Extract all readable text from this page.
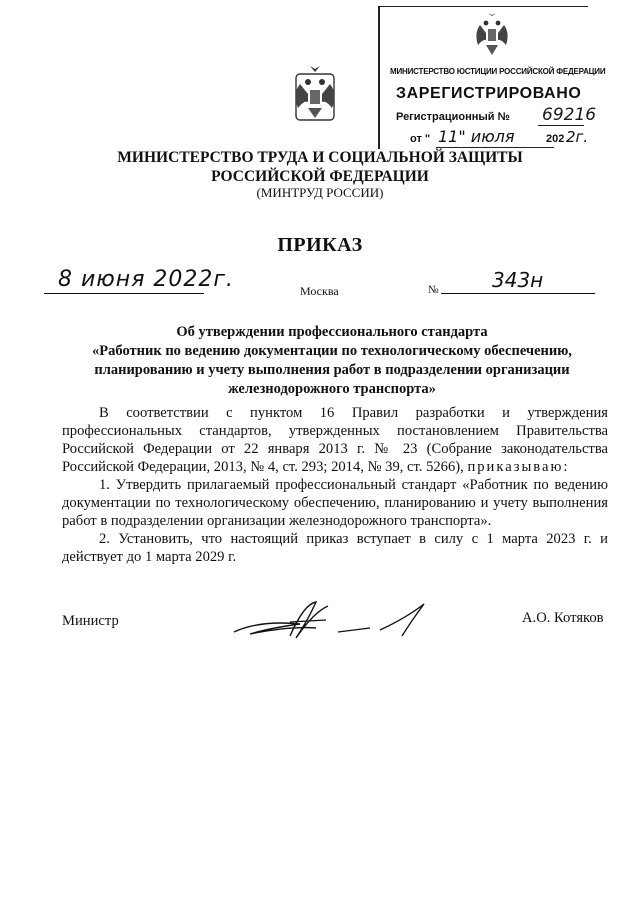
МИНИСТЕРСТВО ЮСТИЦИИ РОССИЙСКОЙ ФЕДЕРАЦИИ
ЗАРЕГИСТРИРОВАНО
Регистрационный № 69216
от " 11" июля	202 2г.
МИНИСТЕРСТВО ТРУДА И СОЦИАЛЬНОЙ ЗАЩИТЫ
РОССИЙСКОЙ ФЕДЕРАЦИИ
(МИНТРУД РОССИИ)
ПРИКАЗ
8 июня 2022г.	Москва	№	343н
Об утверждении профессионального стандарта
«Работник по ведению документации по технологическому обеспечению,
планированию и учету выполнения работ в подразделении организации
железнодорожного транспорта»

В соответствии с пунктом 16 Правил разработки и утверждения профессиональных стандартов, утвержденных постановлением Правительства Российской Федерации от 22 января 2013 г. № 23 (Собрание законодательства Российской Федерации, 2013, № 4, ст. 293; 2014, № 39, ст. 5266), приказываю:

1. Утвердить прилагаемый профессиональный стандарт «Работник по ведению документации по технологическому обеспечению, планированию и учету выполнения работ в подразделении организации железнодорожного транспорта».

2. Установить, что настоящий приказ вступает в силу с 1 марта 2023 г. и действует до 1 марта 2029 г.

Министр	А.О. Котяков
